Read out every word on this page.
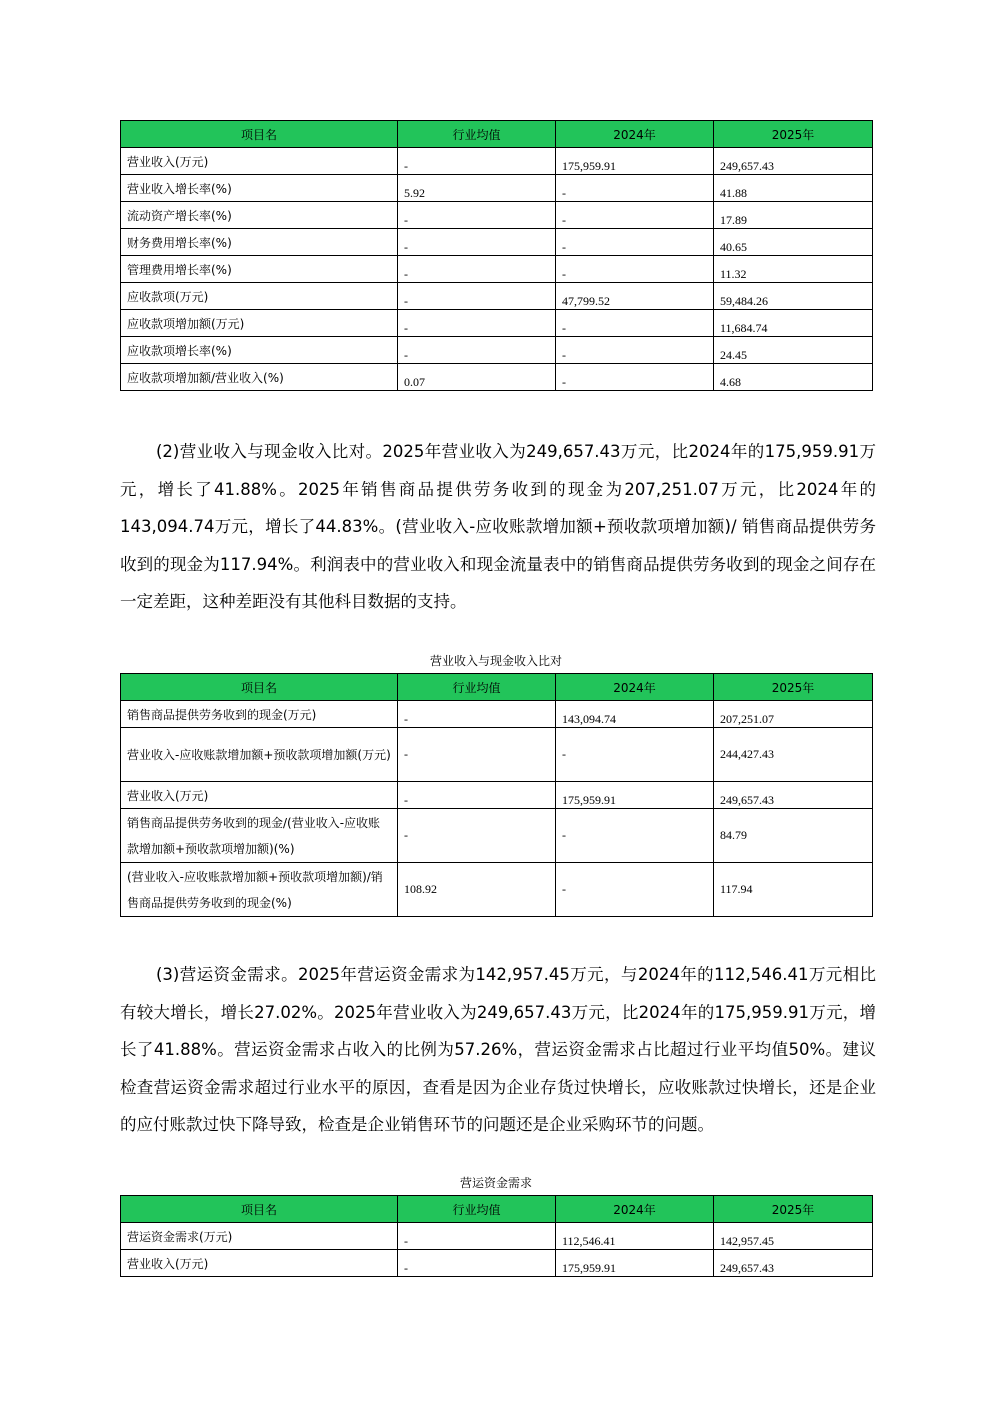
项目名	行业均值	2024年	2025年
营业收入(万元)	-	175,959.91	249,657.43
营业收入增长率(%)	5.92	-	41.88
流动资产增长率(%)	-	-	17.89
财务费用增长率(%)	-	-	40.65
管理费用增长率(%)	-	-	11.32
应收款项(万元)	-	47,799.52	59,484.26
应收款项增加额(万元)	-	-	11,684.74
应收款项增长率(%)	-	-	24.45
应收款项增加额/营业收入(%)	0.07	-	4.68

(2)营业收入与现金收入比对。2025年营业收入为249,657.43万元，比2024年的175,959.91万元，增长了41.88%。2025年销售商品提供劳务收到的现金为207,251.07万元，比2024年的143,094.74万元，增长了44.83%。(营业收入-应收账款增加额+预收款项增加额)/ 销售商品提供劳务收到的现金为117.94%。利润表中的营业收入和现金流量表中的销售商品提供劳务收到的现金之间存在一定差距，这种差距没有其他科目数据的支持。

营业收入与现金收入比对
项目名	行业均值	2024年	2025年
销售商品提供劳务收到的现金(万元)	-	143,094.74	207,251.07
营业收入-应收账款增加额+预收款项增加额(万元)	-	-	244,427.43
营业收入(万元)	-	175,959.91	249,657.43
销售商品提供劳务收到的现金/(营业收入-应收账款增加额+预收款项增加额)(%)	-	-	84.79
(营业收入-应收账款增加额+预收款项增加额)/销售商品提供劳务收到的现金(%)	108.92	-	117.94

(3)营运资金需求。2025年营运资金需求为142,957.45万元，与2024年的112,546.41万元相比有较大增长，增长27.02%。2025年营业收入为249,657.43万元，比2024年的175,959.91万元，增长了41.88%。营运资金需求占收入的比例为57.26%，营运资金需求占比超过行业平均值50%。建议检查营运资金需求超过行业水平的原因，查看是因为企业存货过快增长，应收账款过快增长，还是企业的应付账款过快下降导致，检查是企业销售环节的问题还是企业采购环节的问题。

营运资金需求
项目名	行业均值	2024年	2025年
营运资金需求(万元)	-	112,546.41	142,957.45
营业收入(万元)	-	175,959.91	249,657.43
